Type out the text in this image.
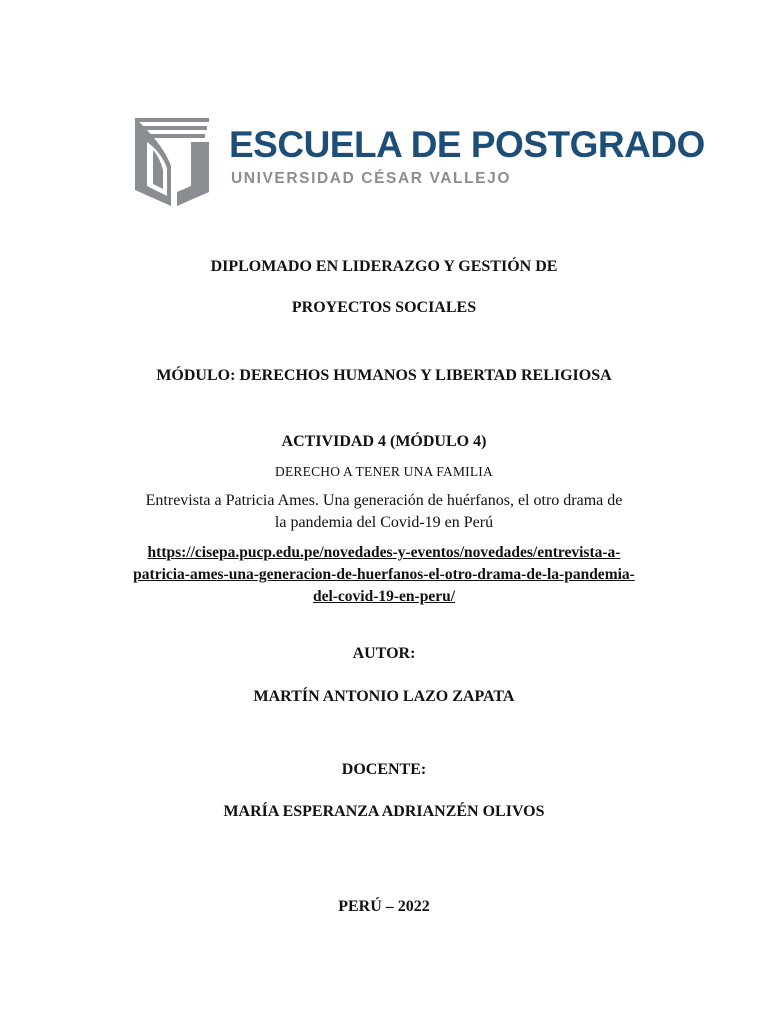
ESCUELA DE POSTGRADO
UNIVERSIDAD CÉSAR VALLEJO
DIPLOMADO EN LIDERAZGO Y GESTIÓN DE
PROYECTOS SOCIALES
MÓDULO: DERECHOS HUMANOS Y LIBERTAD RELIGIOSA
ACTIVIDAD 4 (MÓDULO 4)
DERECHO A TENER UNA FAMILIA
Entrevista a Patricia Ames. Una generación de huérfanos, el otro drama de
la pandemia del Covid-19 en Perú
https://cisepa.pucp.edu.pe/novedades-y-eventos/novedades/entrevista-a-
patricia-ames-una-generacion-de-huerfanos-el-otro-drama-de-la-pandemia-
del-covid-19-en-peru/
AUTOR:
MARTÍN ANTONIO LAZO ZAPATA
DOCENTE:
MARÍA ESPERANZA ADRIANZÉN OLIVOS
PERÚ – 2022
